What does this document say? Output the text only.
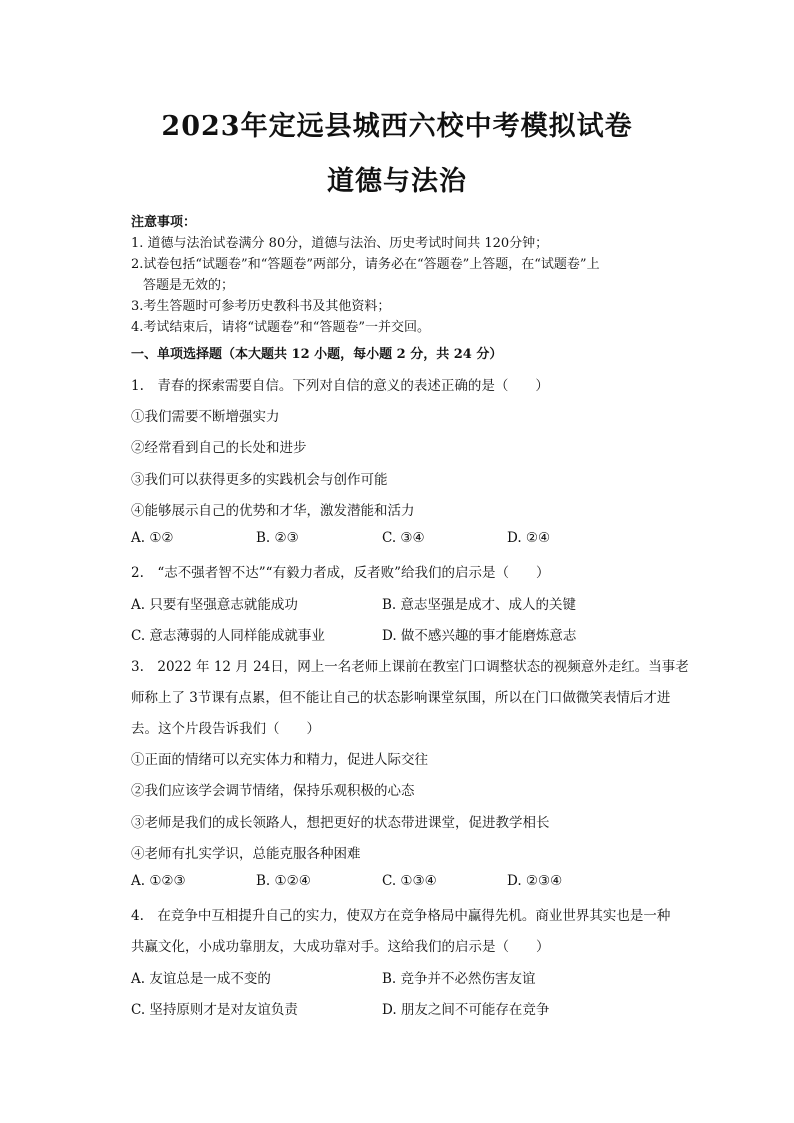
2023年定远县城西六校中考模拟试卷
道德与法治
注意事项：
1. 道德与法治试卷满分 80分，道德与法治、历史考试时间共 120分钟；
2.试卷包括“试题卷”和“答题卷”两部分，请务必在“答题卷”上答题，在“试题卷”上
答题是无效的；
3.考生答题时可参考历史教科书及其他资料；
4.考试结束后，请将“试题卷”和“答题卷”一并交回。
一、单项选择题（本大题共 12 小题，每小题 2 分，共 24 分）
1.　青春的探索需要自信。下列对自信的意义的表述正确的是（　　）
①我们需要不断增强实力
②经常看到自己的长处和进步
③我们可以获得更多的实践机会与创作可能
④能够展示自己的优势和才华，激发潜能和活力
A. ①②	B. ②③	C. ③④	D. ②④
2.　“志不强者智不达”“有毅力者成，反者败”给我们的启示是（　　）
A. 只要有坚强意志就能成功	B. 意志坚强是成才、成人的关键
C. 意志薄弱的人同样能成就事业	D. 做不感兴趣的事才能磨炼意志
3.　2022 年 12 月 24日，网上一名老师上课前在教室门口调整状态的视频意外走红。当事老
师称上了 3节课有点累，但不能让自己的状态影响课堂氛围，所以在门口做微笑表情后才进
去。这个片段告诉我们（　　）
①正面的情绪可以充实体力和精力，促进人际交往
②我们应该学会调节情绪，保持乐观积极的心态
③老师是我们的成长领路人，想把更好的状态带进课堂，促进教学相长
④老师有扎实学识，总能克服各种困难
A. ①②③	B. ①②④	C. ①③④	D. ②③④
4.　在竞争中互相提升自己的实力，使双方在竞争格局中赢得先机。商业世界其实也是一种
共赢文化，小成功靠朋友，大成功靠对手。这给我们的启示是（　　）
A. 友谊总是一成不变的	B. 竞争并不必然伤害友谊
C. 坚持原则才是对友谊负责	D. 朋友之间不可能存在竞争
